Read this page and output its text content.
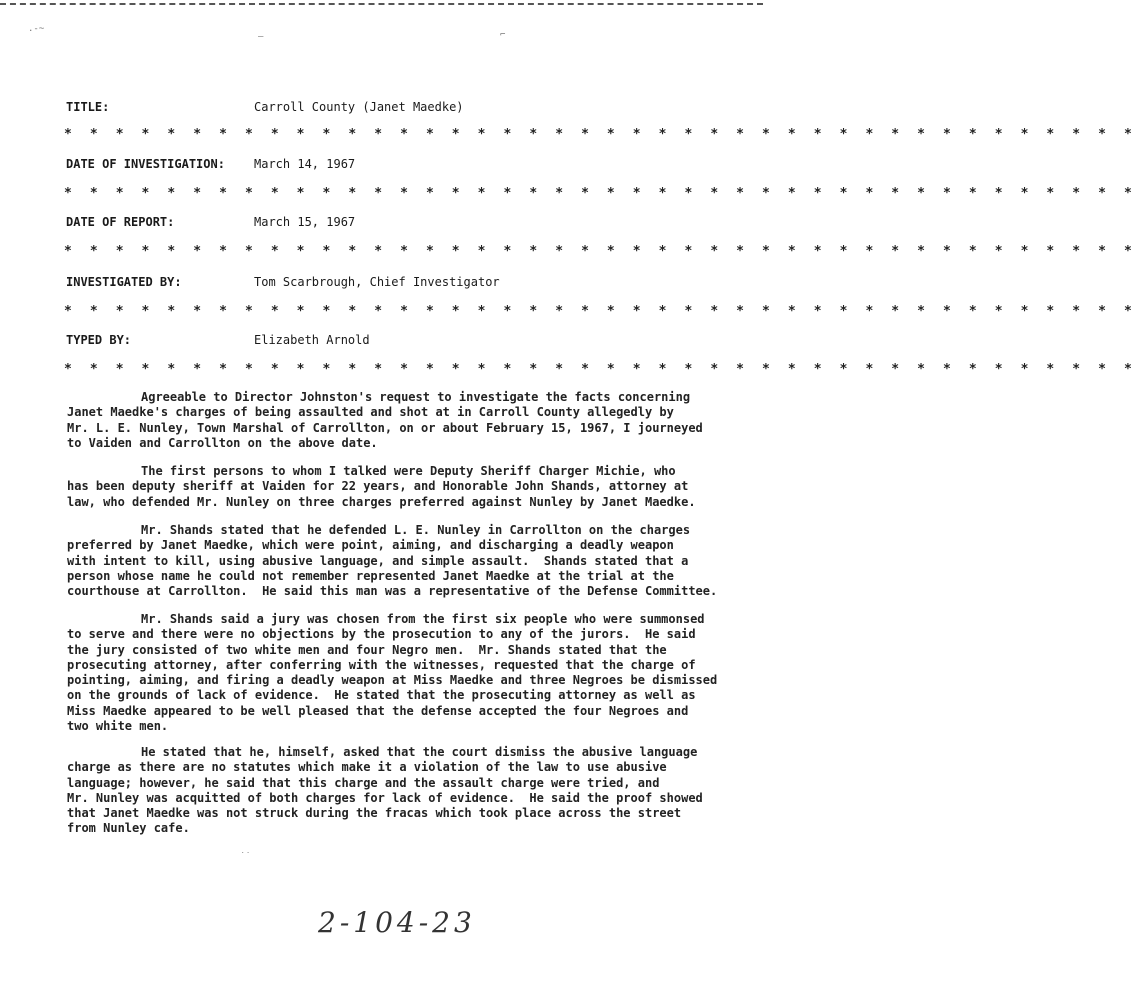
.-~
—	⌐
TITLE:	Carroll County (Janet Maedke)
* * * * * * * * * * * * * * * * * * * * * * * * * * * * * * * * * * * * * * * * * *
DATE OF INVESTIGATION: March 14, 1967
* * * * * * * * * * * * * * * * * * * * * * * * * * * * * * * * * * * * * * * * * *
DATE OF REPORT:	March 15, 1967
* * * * * * * * * * * * * * * * * * * * * * * * * * * * * * * * * * * * * * * * * *
INVESTIGATED BY:	Tom Scarbrough, Chief Investigator
* * * * * * * * * * * * * * * * * * * * * * * * * * * * * * * * * * * * * * * * * *
TYPED BY:	Elizabeth Arnold
* * * * * * * * * * * * * * * * * * * * * * * * * * * * * * * * * * * * * * * * * *
Agreeable to Director Johnston's request to investigate the facts concerning
Janet Maedke's charges of being assaulted and shot at in Carroll County allegedly by
Mr. L. E. Nunley, Town Marshal of Carrollton, on or about February 15, 1967, I journeyed
to Vaiden and Carrollton on the above date.
The first persons to whom I talked were Deputy Sheriff Charger Michie, who
has been deputy sheriff at Vaiden for 22 years, and Honorable John Shands, attorney at
law, who defended Mr. Nunley on three charges preferred against Nunley by Janet Maedke.
Mr. Shands stated that he defended L. E. Nunley in Carrollton on the charges
preferred by Janet Maedke, which were point, aiming, and discharging a deadly weapon
with intent to kill, using abusive language, and simple assault.  Shands stated that a
person whose name he could not remember represented Janet Maedke at the trial at the
courthouse at Carrollton.  He said this man was a representative of the Defense Committee.
Mr. Shands said a jury was chosen from the first six people who were summonsed
to serve and there were no objections by the prosecution to any of the jurors.  He said
the jury consisted of two white men and four Negro men.  Mr. Shands stated that the
prosecuting attorney, after conferring with the witnesses, requested that the charge of
pointing, aiming, and firing a deadly weapon at Miss Maedke and three Negroes be dismissed
on the grounds of lack of evidence.  He stated that the prosecuting attorney as well as
Miss Maedke appeared to be well pleased that the defense accepted the four Negroes and
two white men.
He stated that he, himself, asked that the court dismiss the abusive language
charge as there are no statutes which make it a violation of the law to use abusive
language; however, he said that this charge and the assault charge were tried, and
Mr. Nunley was acquitted of both charges for lack of evidence.  He said the proof showed
that Janet Maedke was not struck during the fracas which took place across the street
from Nunley cafe.
˙˙
2-104-23
